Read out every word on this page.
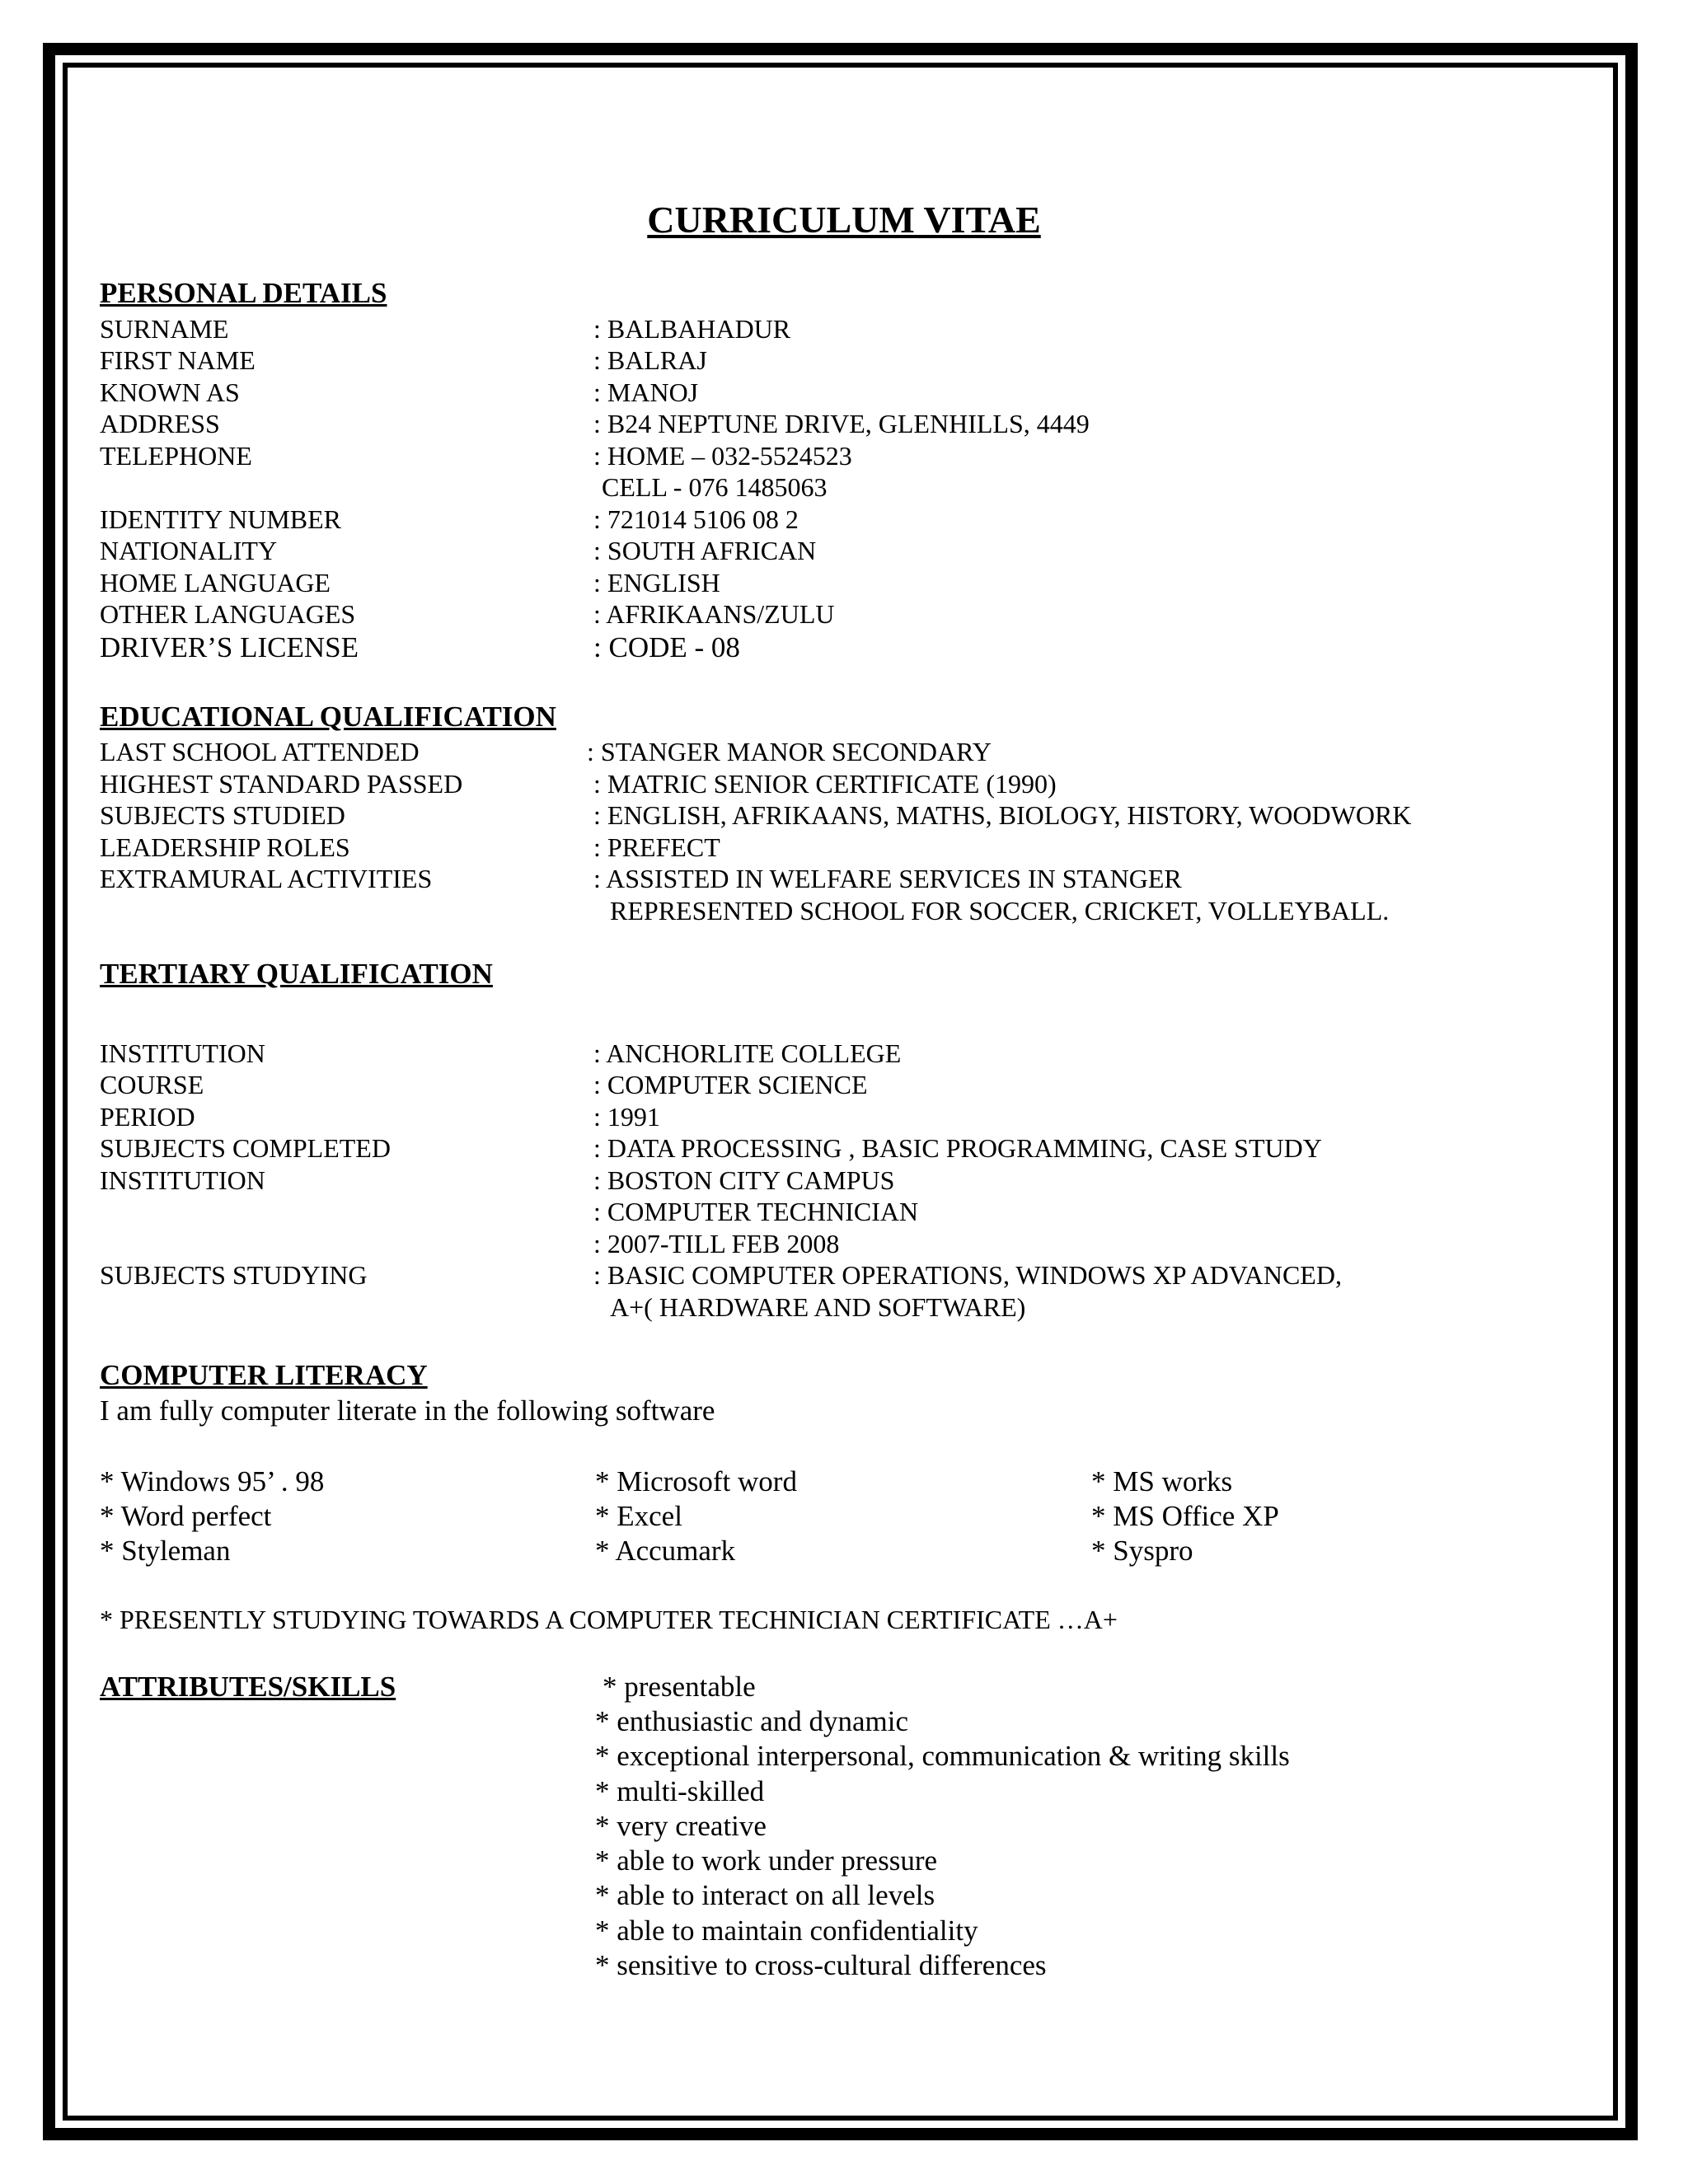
CURRICULUM VITAE
PERSONAL DETAILS
SURNAME	: BALBAHADUR
FIRST NAME	: BALRAJ
KNOWN AS	: MANOJ
ADDRESS	: B24 NEPTUNE DRIVE, GLENHILLS, 4449
TELEPHONE	: HOME – 032-5524523
CELL - 076 1485063
IDENTITY NUMBER	: 721014 5106 08 2
NATIONALITY	: SOUTH AFRICAN
HOME LANGUAGE	: ENGLISH
OTHER LANGUAGES	: AFRIKAANS/ZULU
DRIVER’S LICENSE	: CODE - 08
EDUCATIONAL QUALIFICATION
LAST SCHOOL ATTENDED	: STANGER MANOR SECONDARY
HIGHEST STANDARD PASSED	: MATRIC SENIOR CERTIFICATE (1990)
SUBJECTS STUDIED	: ENGLISH, AFRIKAANS, MATHS, BIOLOGY, HISTORY, WOODWORK
LEADERSHIP ROLES	: PREFECT
EXTRAMURAL ACTIVITIES	: ASSISTED IN WELFARE SERVICES IN STANGER
REPRESENTED SCHOOL FOR SOCCER, CRICKET, VOLLEYBALL.
TERTIARY QUALIFICATION
INSTITUTION	: ANCHORLITE COLLEGE
COURSE	: COMPUTER SCIENCE
PERIOD	: 1991
SUBJECTS COMPLETED	: DATA PROCESSING , BASIC PROGRAMMING, CASE STUDY
INSTITUTION	: BOSTON CITY CAMPUS
: COMPUTER TECHNICIAN
: 2007-TILL FEB 2008
SUBJECTS STUDYING	: BASIC COMPUTER OPERATIONS, WINDOWS XP ADVANCED,
A+( HARDWARE AND SOFTWARE)
COMPUTER LITERACY
I am fully computer literate in the following software
* Windows 95’ . 98	* Microsoft word	* MS works
* Word perfect	* Excel	* MS Office XP
* Styleman	* Accumark	* Syspro
* PRESENTLY STUDYING TOWARDS A COMPUTER TECHNICIAN CERTIFICATE …A+
ATTRIBUTES/SKILLS	* presentable
* enthusiastic and dynamic
* exceptional interpersonal, communication & writing skills
* multi-skilled
* very creative
* able to work under pressure
* able to interact on all levels
* able to maintain confidentiality
* sensitive to cross-cultural differences
